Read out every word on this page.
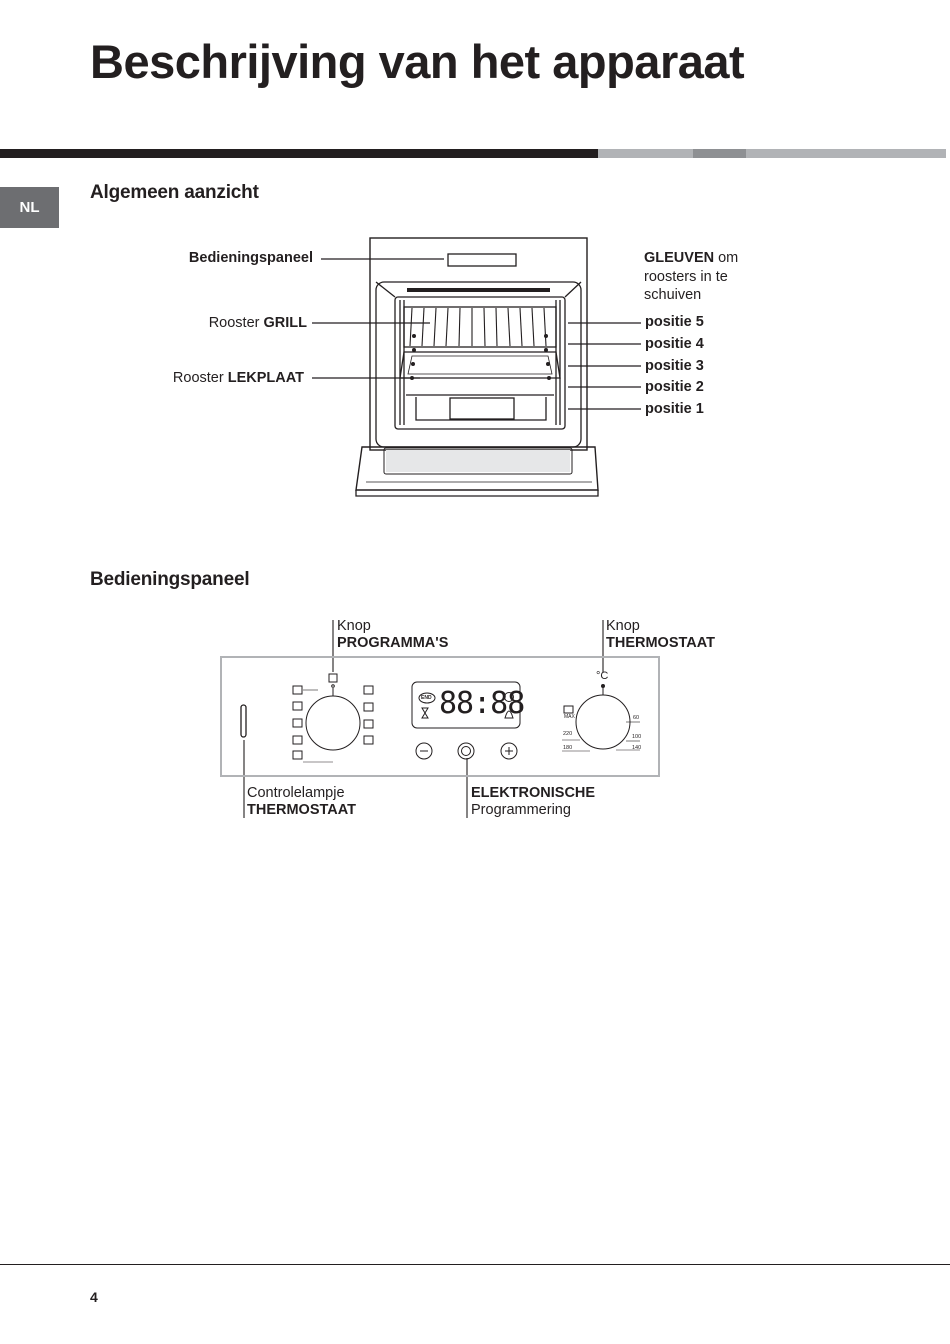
Beschrijving van het apparaat
NL
Algemeen aanzicht
Bedieningspaneel
Rooster GRILL
Rooster LEKPLAAT
GLEUVEN om
roosters in te
schuiven
positie 5
positie 4
positie 3
positie 2
positie 1
Bedieningspaneel
88:88
END
°C
MAX	60
220	100
180	140
Knop
PROGRAMMA'S
Knop
THERMOSTAAT
Controlelampje
THERMOSTAAT
ELEKTRONISCHE
Programmering
4
